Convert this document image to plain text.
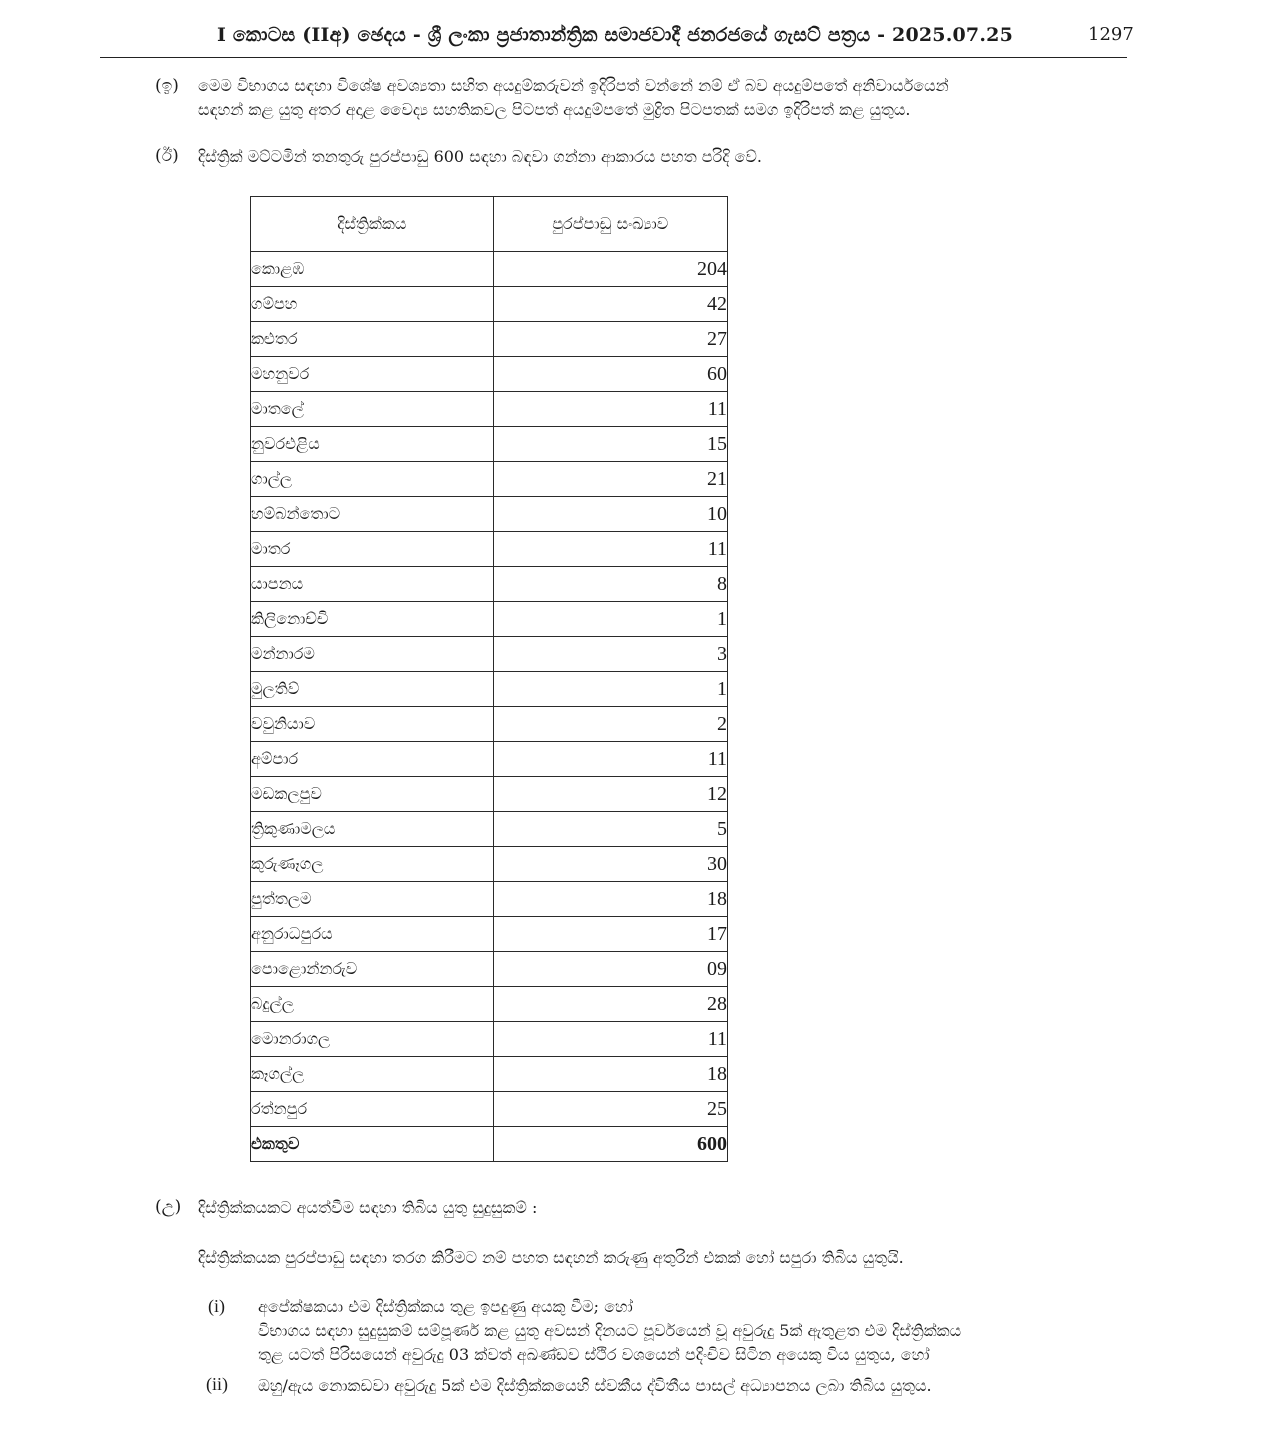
I කොටස (IIඅ) ඡෙදය - ශ්‍රී ලංකා ප්‍රජාතාන්ත්‍රික සමාජවාදී ජනරජයේ ගැසට් පත්‍රය - 2025.07.25	1297
(ඉ) මෙම විභාගය සඳහා විශේෂ අවශ්‍යතා සහිත අයදුම්කරුවන් ඉදිරිපත් වන්නේ නම් ඒ බව අයදුම්පතේ අනිවාර්යයෙන්
සඳහන් කළ යුතු අතර අදාළ වෛද්‍ය සහතිකවල පිටපත් අයදුම්පතේ මුද්‍රිත පිටපතක් සමග ඉදිරිපත් කළ යුතුය.
(ඊ) දිස්ත්‍රික් මට්ටමින් තනතුරු පුරප්පාඩු 600 සඳහා බඳවා ගන්නා ආකාරය පහත පරිදි වේ.
දිස්ත්‍රික්කය	පුරප්පාඩු සංඛ්‍යාව
කොළඹ	204
ගම්පහ	42
කළුතර	27
මහනුවර	60
මාතලේ	11
නුවරඑළිය	15
ගාල්ල	21
හම්බන්තොට	10
මාතර	11
යාපනය	8
කිලිනොච්චි	1
මන්නාරම	3
මුලතිව්	1
වවුනියාව	2
අම්පාර	11
මඩකලපුව	12
ත්‍රිකුණාමලය	5
කුරුණෑගල	30
පුත්තලම	18
අනුරාධපුරය	17
පොළොන්නරුව	09
බදුල්ල	28
මොනරාගල	11
කෑගල්ල	18
රත්නපුර	25
එකතුව	600
(උ) දිස්ත්‍රික්කයකට අයත්වීම සඳහා තිබිය යුතු සුදුසුකම් :
දිස්ත්‍රික්කයක පුරප්පාඩු සඳහා තරග කිරීමට නම් පහත සඳහන් කරුණු අතුරින් එකක් හෝ සපුරා තිබිය යුතුයි.
(i) අපේක්ෂකයා එම දිස්ත්‍රික්කය තුළ ඉපදුණු අයකු වීම; හෝ
විභාගය සඳහා සුදුසුකම් සම්පූර්ණ කළ යුතු අවසන් දිනයට පූර්වයෙන් වූ අවුරුදු 5ක් ඇතුළත එම දිස්ත්‍රික්කය
තුළ යටත් පිරිසයෙන් අවුරුදු 03 ක්වත් අඛණ්ඩව ස්ථිර වශයෙන් පදිංචිව සිටින අයෙකු විය යුතුය, හෝ
(ii) ඔහු/ඇය නොකඩවා අවුරුදු 5ක් එම දිස්ත්‍රික්කයෙහි ස්වකීය ද්විතීය පාසල් අධ්‍යාපනය ලබා තිබිය යුතුය.
